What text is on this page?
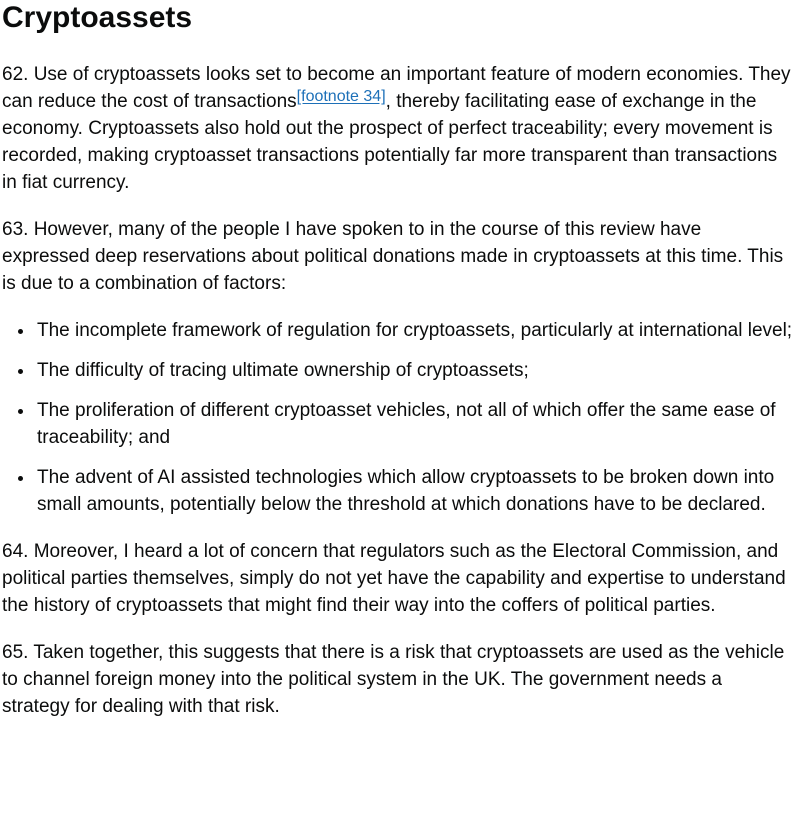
Cryptoassets

62. Use of cryptoassets looks set to become an important feature of modern economies. They can reduce the cost of transactions[footnote 34], thereby facilitating ease of exchange in the economy. Cryptoassets also hold out the prospect of perfect traceability; every movement is recorded, making cryptoasset transactions potentially far more transparent than transactions in fiat currency.

63. However, many of the people I have spoken to in the course of this review have expressed deep reservations about political donations made in cryptoassets at this time. This is due to a combination of factors:

• The incomplete framework of regulation for cryptoassets, particularly at international level;
• The difficulty of tracing ultimate ownership of cryptoassets;
• The proliferation of different cryptoasset vehicles, not all of which offer the same ease of traceability; and
• The advent of AI assisted technologies which allow cryptoassets to be broken down into small amounts, potentially below the threshold at which donations have to be declared.

64. Moreover, I heard a lot of concern that regulators such as the Electoral Commission, and political parties themselves, simply do not yet have the capability and expertise to understand the history of cryptoassets that might find their way into the coffers of political parties.

65. Taken together, this suggests that there is a risk that cryptoassets are used as the vehicle to channel foreign money into the political system in the UK. The government needs a strategy for dealing with that risk.
